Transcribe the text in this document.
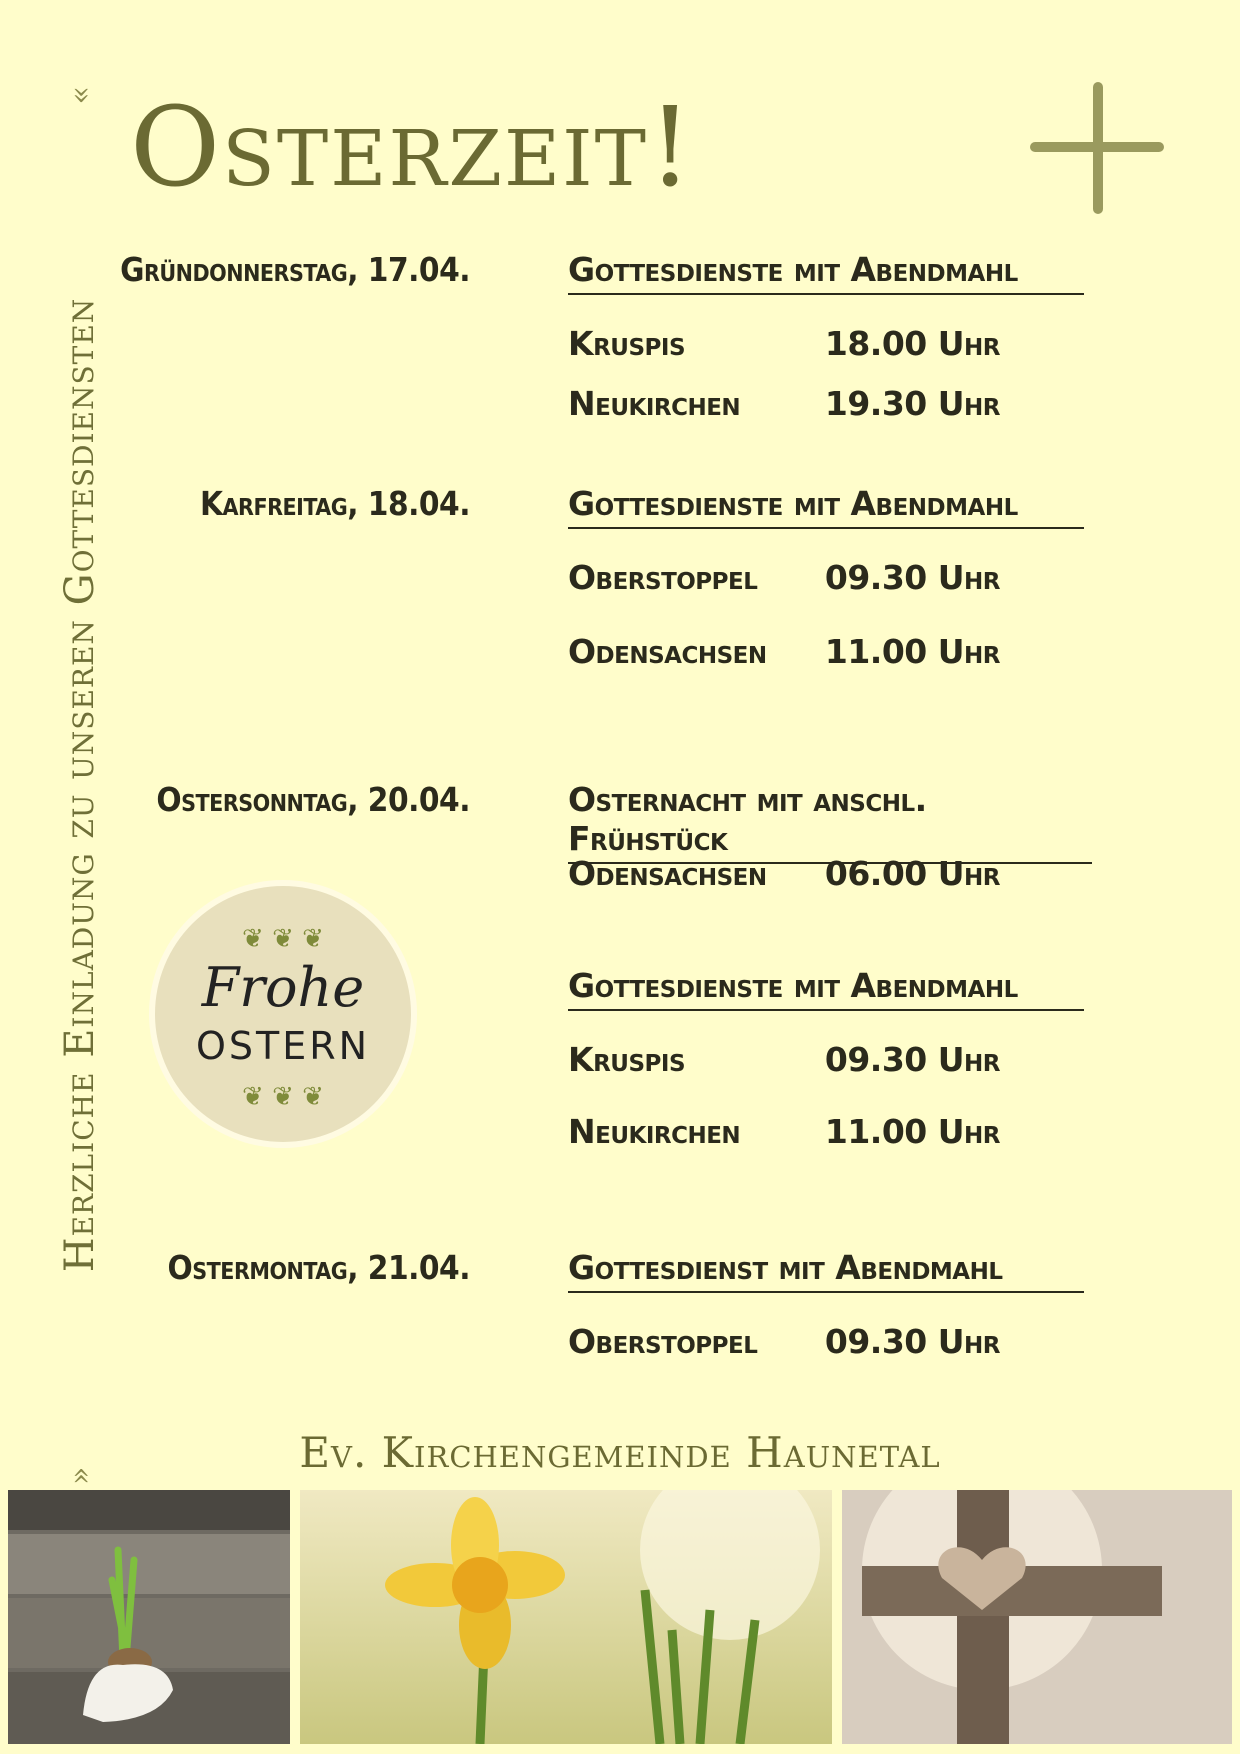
»
Herzliche Einladung zu unseren Gottesdiensten
« Osterzeit!
Gründonnerstag, 17.04.	Gottesdienste mit Abendmahl
Kruspis	18.00 Uhr
Neukirchen	19.30 Uhr
Karfreitag, 18.04.	Gottesdienste mit Abendmahl
Oberstoppel 09.30 Uhr
Odensachsen 11.00 Uhr
Ostersonntag, 20.04.	Osternacht mit anschl. Frühstück
Odensachsen 06.00 Uhr
Gottesdienste mit Abendmahl
Kruspis	09.30 Uhr
Neukirchen	11.00 Uhr
Ostermontag, 21.04.	Gottesdienst mit Abendmahl
Oberstoppel 09.30 Uhr
❦ ❦ ❦
Frohe
OSTERN
❦ ❦ ❦
Ev. Kirchengemeinde Haunetal
